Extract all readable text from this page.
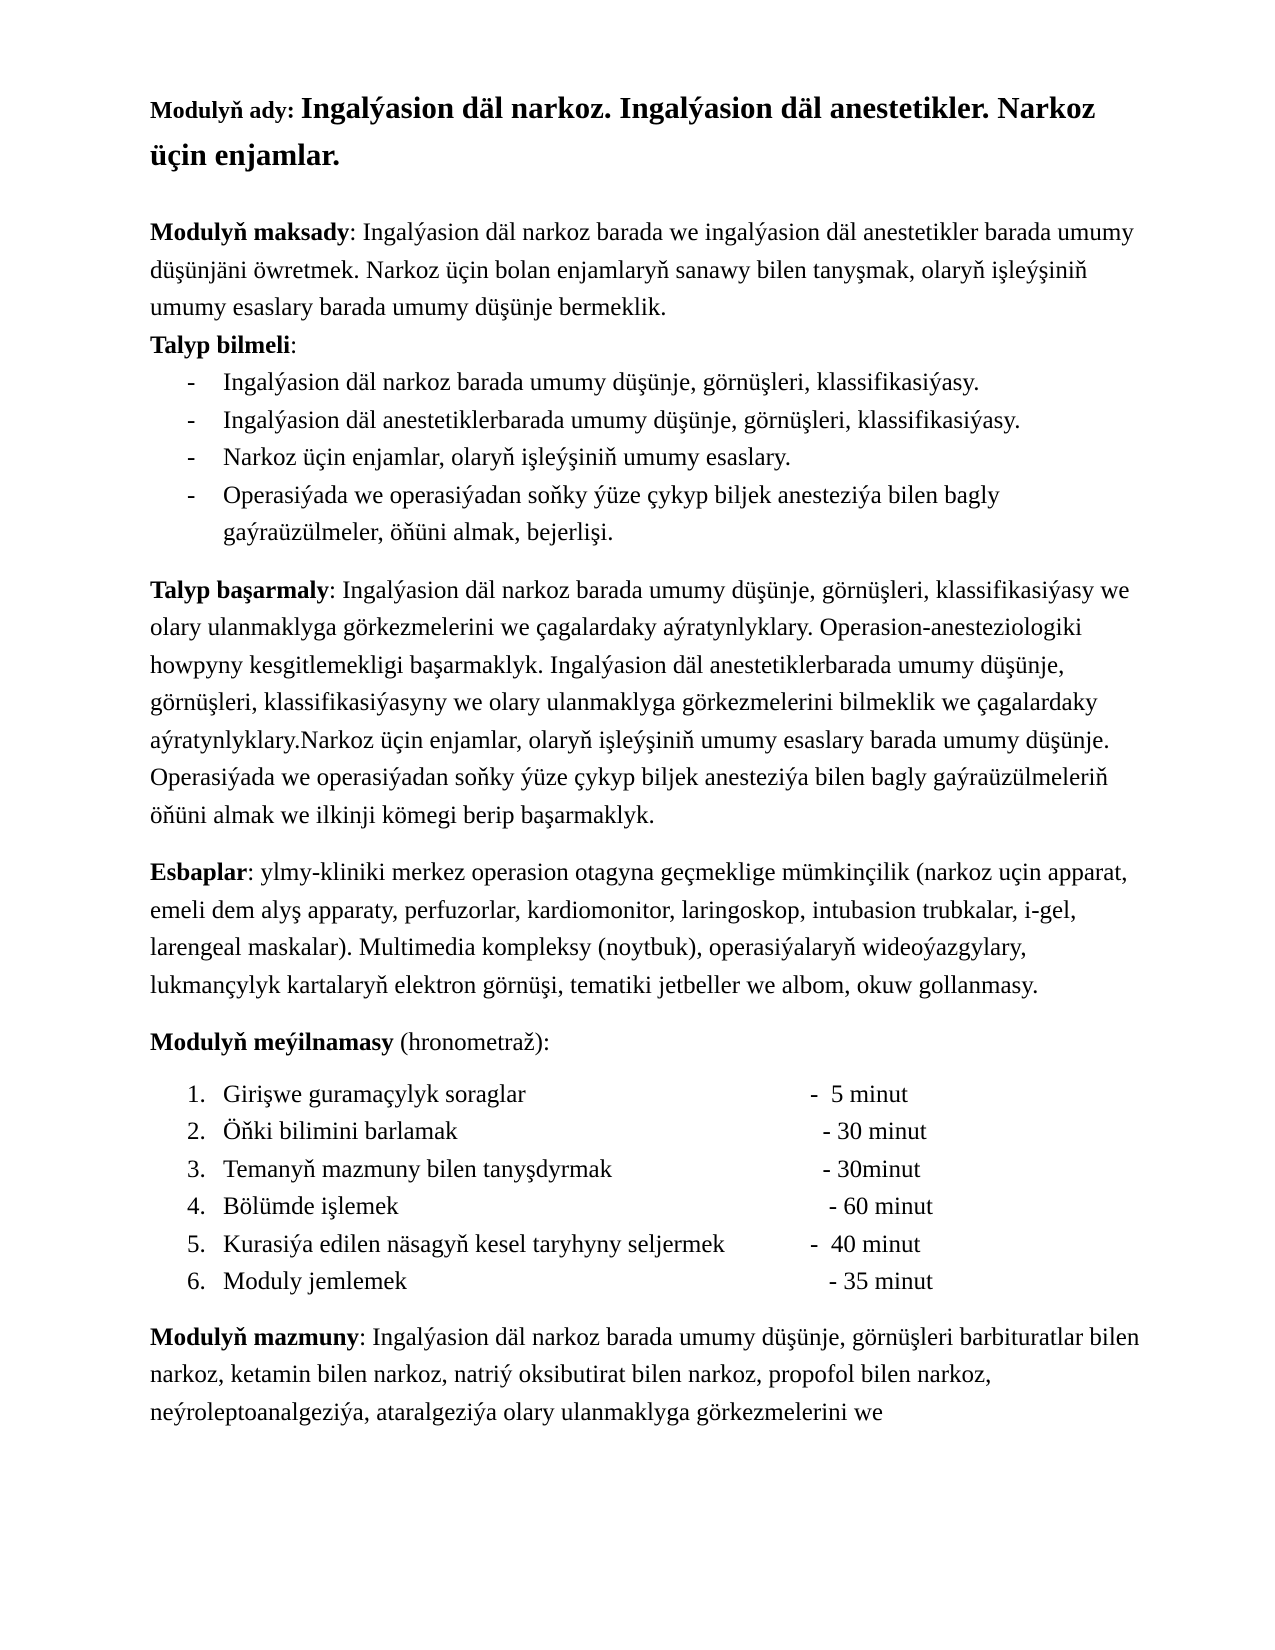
Modulyň ady: Ingalýasion däl narkoz. Ingalýasion däl anestetikler. Narkoz üçin enjamlar.

Modulyň maksady: Ingalýasion däl narkoz barada we ingalýasion däl anestetikler barada umumy düşünjäni öwretmek. Narkoz üçin bolan enjamlaryň sanawy bilen tanyşmak, olaryň işleýşiniň umumy esaslary barada umumy düşünje bermeklik.

Talyp bilmeli:

- Ingalýasion däl narkoz barada umumy düşünje, görnüşleri, klassifikasiýasy.
- Ingalýasion däl anestetiklerbarada umumy düşünje, görnüşleri, klassifikasiýasy.
- Narkoz üçin enjamlar, olaryň işleýşiniň umumy esaslary.
- Operasiýada we operasiýadan soňky ýüze çykyp biljek anesteziýa bilen bagly gaýraüzülmeler, öňüni almak, bejerlişi.

Talyp başarmaly: Ingalýasion däl narkoz barada umumy düşünje, görnüşleri, klassifikasiýasy we olary ulanmaklyga görkezmelerini we çagalardaky aýratynlyklary. Operasion-anesteziologiki howpyny kesgitlemekligi başarmaklyk. Ingalýasion däl anestetiklerbarada umumy düşünje, görnüşleri, klassifikasiýasyny we olary ulanmaklyga görkezmelerini bilmeklik we çagalardaky aýratynlyklary.Narkoz üçin enjamlar, olaryň işleýşiniň umumy esaslary barada umumy düşünje.

Operasiýada we operasiýadan soňky ýüze çykyp biljek anesteziýa bilen bagly gaýraüzülmeleriň öňüni almak we ilkinji kömegi berip başarmaklyk.

Esbaplar: ylmy-kliniki merkez operasion otagyna geçmeklige mümkinçilik (narkoz uçin apparat, emeli dem alyş apparaty, perfuzorlar, kardiomonitor, laringoskop, intubasion trubkalar, i-gel, larengeal maskalar). Multimedia kompleksy (noytbuk), operasiýalaryň wideoýazgylary, lukmançylyk kartalaryň elektron görnüşi, tematiki jetbeller we albom, okuw gollanmasy.

Modulyň meýilnamasy (hronometraž):

1. Girişwe guramaçylyk soraglar	-  5 minut
2. Öňki bilimini barlamak	- 30 minut
3. Temanyň mazmuny bilen tanyşdyrmak	- 30minut
4. Bölümde işlemek	- 60 minut
5. Kurasiýa edilen näsagyň kesel taryhyny seljermek	-  40 minut
6. Moduly jemlemek	- 35 minut

Modulyň mazmuny: Ingalýasion däl narkoz barada umumy düşünje, görnüşleri barbituratlar bilen narkoz, ketamin bilen narkoz, natriý oksibutirat bilen narkoz, propofol bilen narkoz, neýroleptoanalgeziýa, ataralgeziýa olary ulanmaklyga görkezmelerini we
